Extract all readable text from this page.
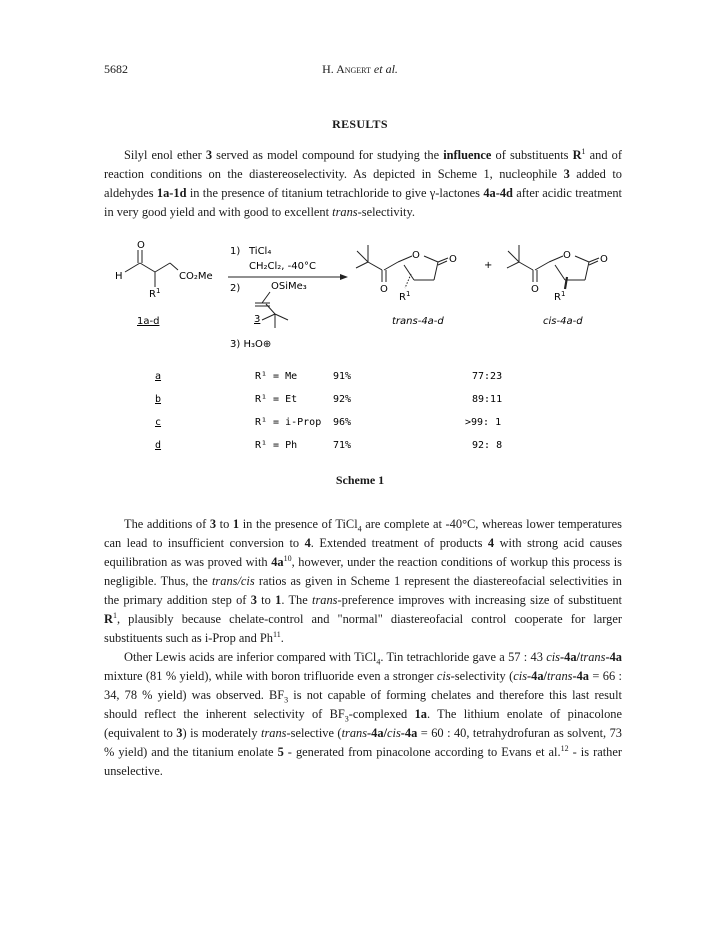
5682	H. Angert et al.
RESULTS

Silyl enol ether 3 served as model compound for studying the influence of substituents $R^1$ and of reaction conditions on the diastereoselectivity. As depicted in Scheme 1, nucleophile 3 added to aldehydes 1a-1d in the presence of titanium tetrachloride to give γ-lactones 4a-4d after acidic treatment in very good yield and with good to excellent trans-selectivity.

O
H	CO₂Me
$R^1$
1a-d
1) TiCl₄
CH₂Cl₂, -40°C
2)	OSiMe₃
3
3) H₃O⊕
O	O
O
$R^1$
trans-4a-d
+
O	O
O
$R^1$
cis-4a-d
a	R¹ = Me	91%	77:23
b	R¹ = Et	92%	89:11
c	R¹ = i-Prop 96%	>99: 1
d	R¹ = Ph	71%	92: 8
Scheme 1

The additions of 3 to 1 in the presence of TiCl$_4$ are complete at -40°C, whereas lower temperatures can lead to insufficient conversion to 4. Extended treatment of products 4 with strong acid causes equilibration as was proved with $4a^{10}$, however, under the reaction conditions of workup this process is negligible. Thus, the trans/cis ratios as given in Scheme 1 represent the diastereofacial selectivities in the primary addition step of 3 to 1. The trans-preference improves with increasing size of substituent $R^1$, plausibly because chelate-control and "normal" diastereofacial control cooperate for larger substituents such as i-Prop and Ph$^{11}$.

Other Lewis acids are inferior compared with TiCl$_4$. Tin tetrachloride gave a 57 : 43 cis-4a/trans-4a mixture (81 % yield), while with boron trifluoride even a stronger cis-selectivity (cis-4a/trans-4a = 66 : 34, 78 % yield) was observed. $BF_3$ is not capable of forming chelates and therefore this last result should reflect the inherent selectivity of $BF_3$-complexed 1a. The lithium enolate of pinacolone (equivalent to 3) is moderately trans-selective (trans-4a/cis-4a = 60 : 40, tetrahydrofuran as solvent, 73 % yield) and the titanium enolate 5 - generated from pinacolone according to Evans et al.$^{12}$ - is rather unselective.
